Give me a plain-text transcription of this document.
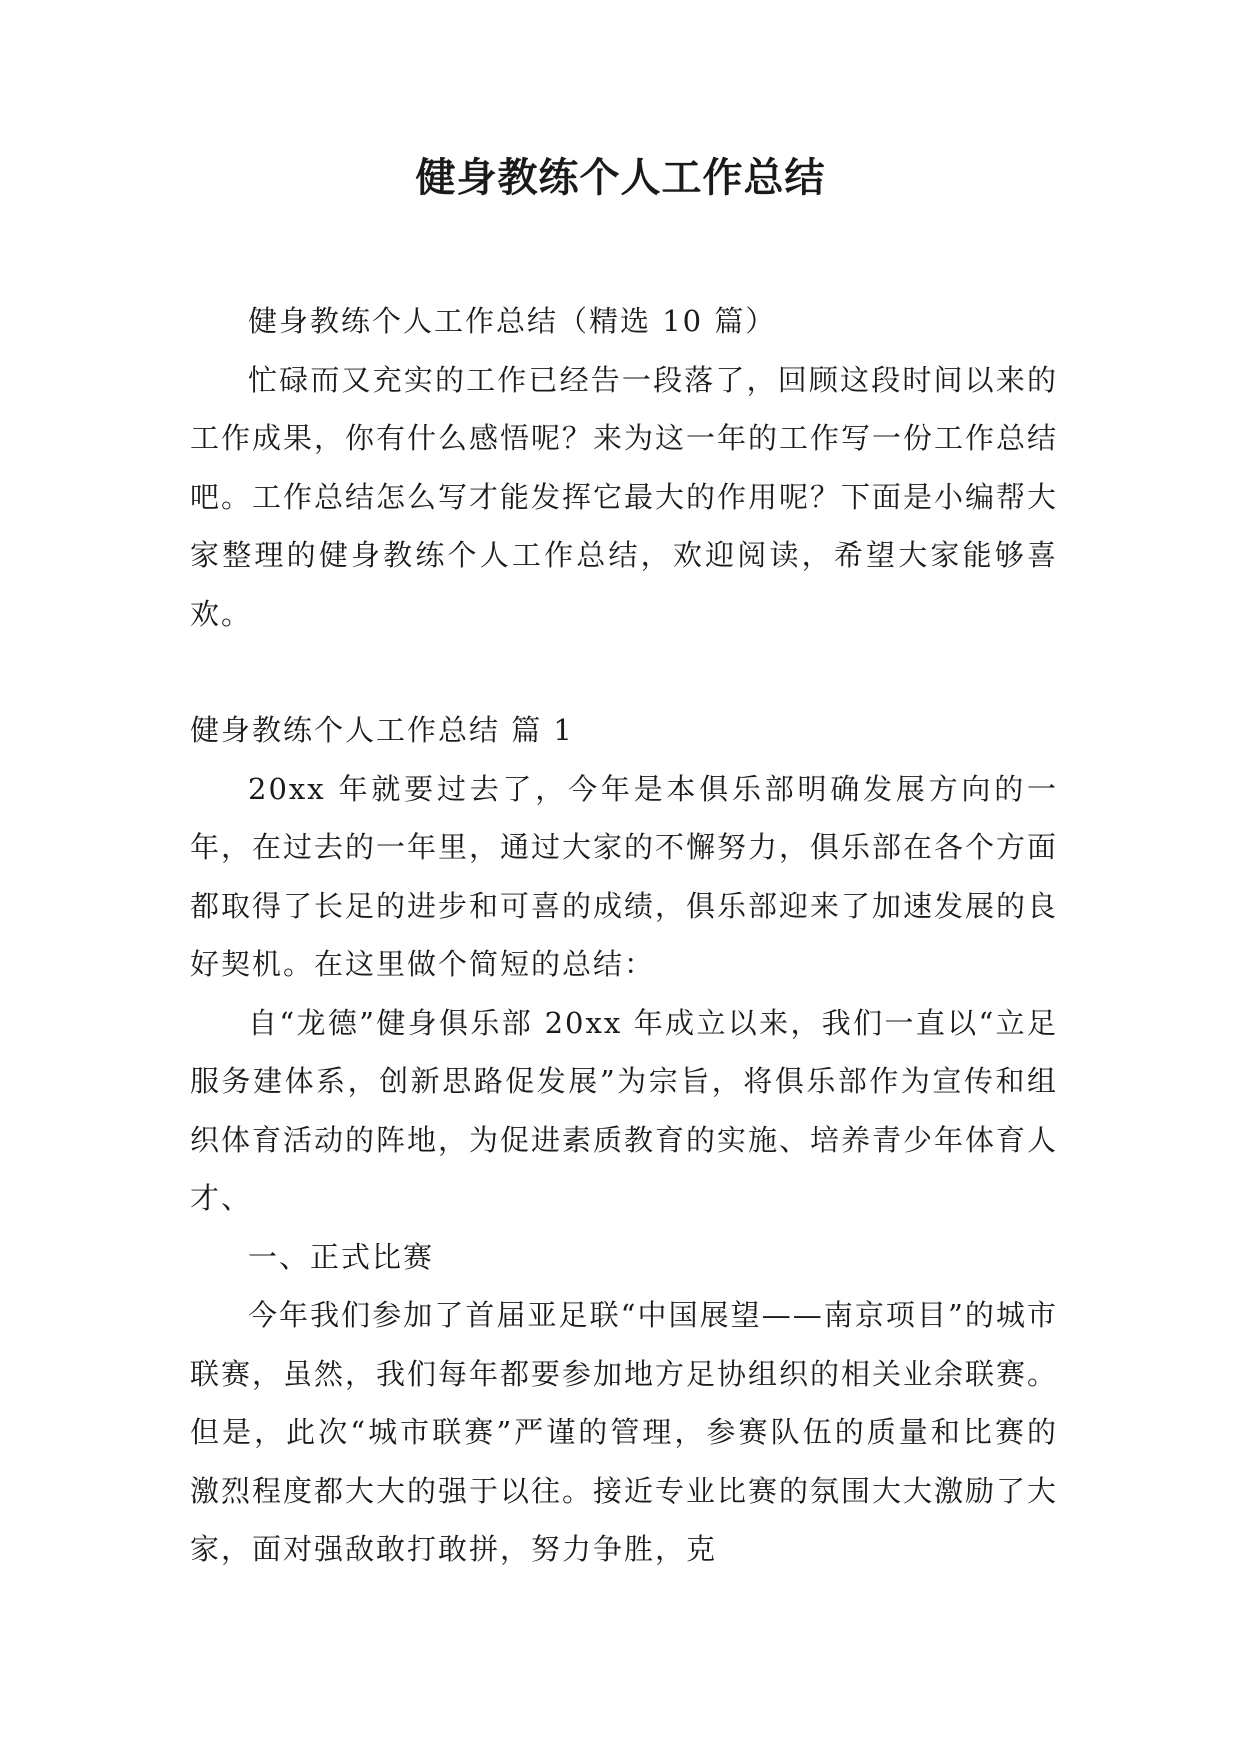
健身教练个人工作总结

健身教练个人工作总结（精选 10 篇）

忙碌而又充实的工作已经告一段落了，回顾这段时间以来的工作成果，你有什么感悟呢？来为这一年的工作写一份工作总结吧。工作总结怎么写才能发挥它最大的作用呢？下面是小编帮大家整理的健身教练个人工作总结，欢迎阅读，希望大家能够喜欢。

健身教练个人工作总结 篇 1

20xx 年就要过去了，今年是本俱乐部明确发展方向的一年，在过去的一年里，通过大家的不懈努力，俱乐部在各个方面都取得了长足的进步和可喜的成绩，俱乐部迎来了加速发展的良好契机。在这里做个简短的总结：

自“龙德”健身俱乐部 20xx 年成立以来，我们一直以“立足服务建体系，创新思路促发展”为宗旨，将俱乐部作为宣传和组织体育活动的阵地，为促进素质教育的实施、培养青少年体育人才、

一、正式比赛

今年我们参加了首届亚足联“中国展望——南京项目”的城市联赛，虽然，我们每年都要参加地方足协组织的相关业余联赛。但是，此次“城市联赛”严谨的管理，参赛队伍的质量和比赛的激烈程度都大大的强于以往。接近专业比赛的氛围大大激励了大家，面对强敌敢打敢拼，努力争胜，克
